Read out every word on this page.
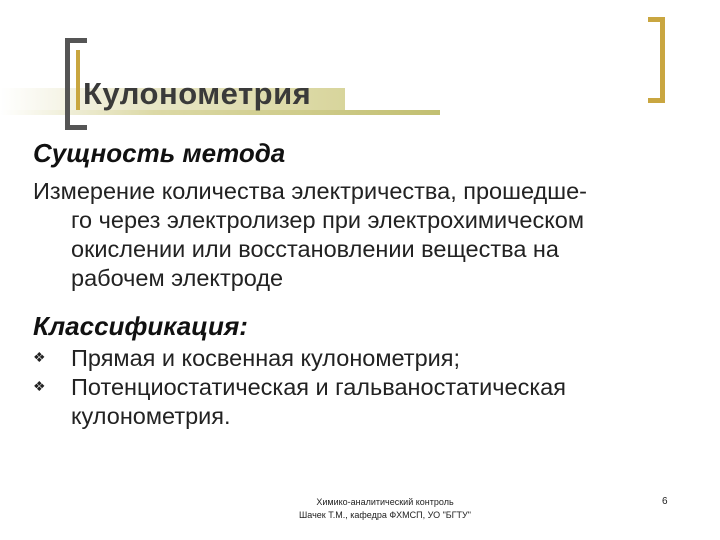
Кулонометрия
Сущность метода
Измерение количества электричества, прошедше-
го через электролизер при электрохимическом
окислении или восстановлении вещества на
рабочем электроде
Классификация:
❖ Прямая и косвенная кулонометрия;
❖ Потенциостатическая и гальваностатическая
кулонометрия.
Химико-аналитический контроль
Шачек Т.М., кафедра ФХМСП, УО "БГТУ"
6
